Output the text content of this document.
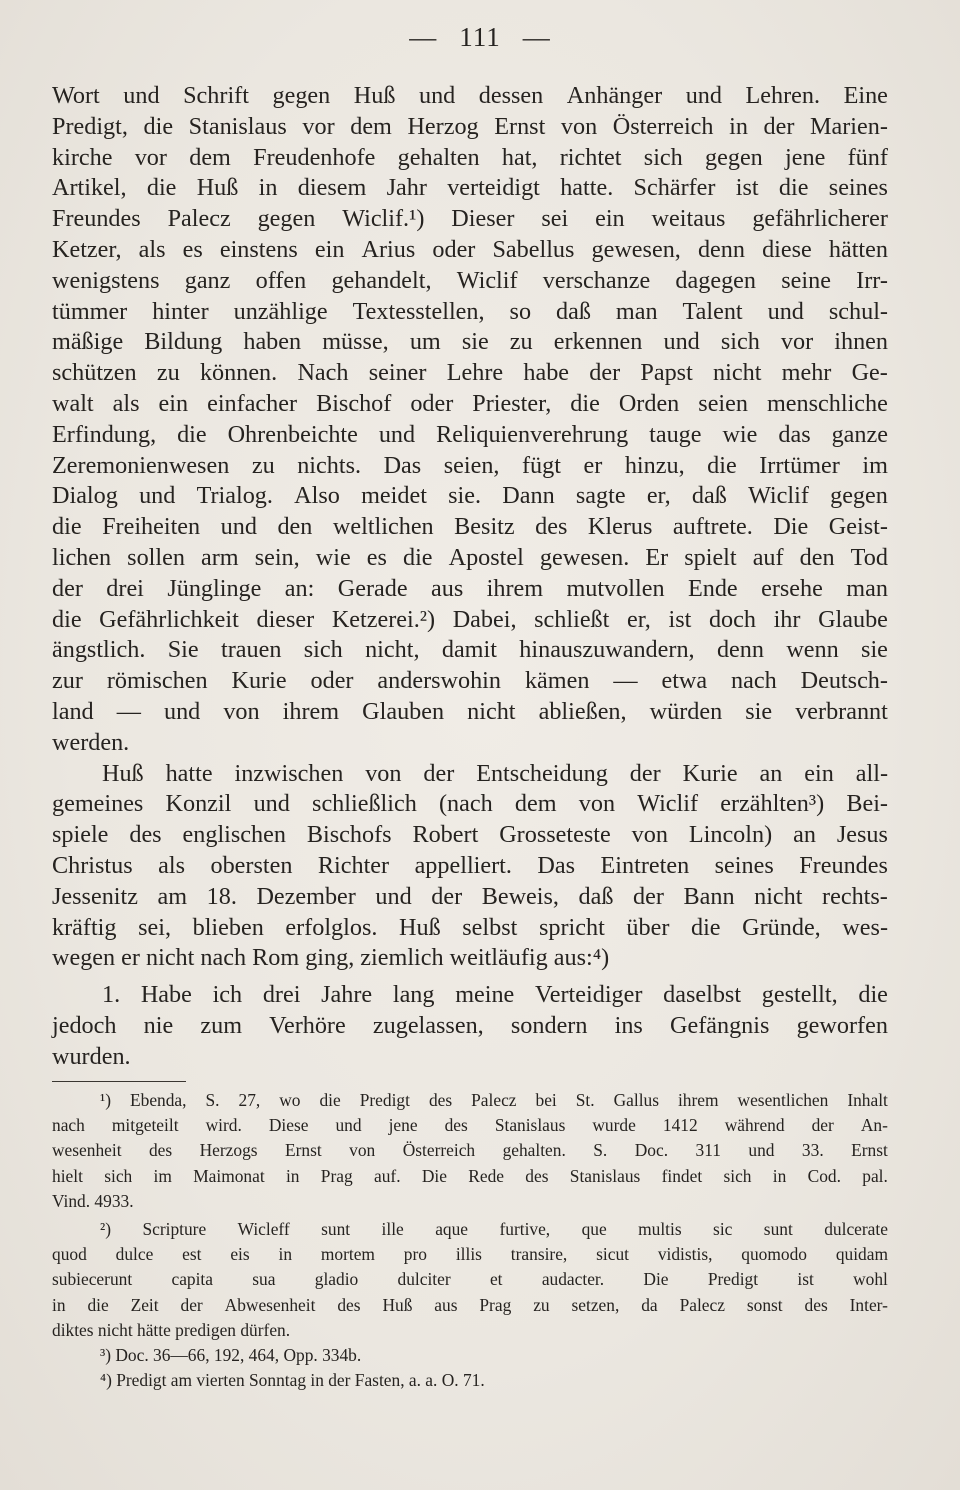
— 111 —
Wort und Schrift gegen Huß und dessen Anhänger und Lehren. Eine
Predigt, die Stanislaus vor dem Herzog Ernst von Österreich in der Marien-
kirche vor dem Freudenhofe gehalten hat, richtet sich gegen jene fünf
Artikel, die Huß in diesem Jahr verteidigt hatte. Schärfer ist die seines
Freundes Palecz gegen Wiclif.¹) Dieser sei ein weitaus gefährlicherer
Ketzer, als es einstens ein Arius oder Sabellus gewesen, denn diese hätten
wenigstens ganz offen gehandelt, Wiclif verschanze dagegen seine Irr-
tümmer hinter unzählige Textesstellen, so daß man Talent und schul-
mäßige Bildung haben müsse, um sie zu erkennen und sich vor ihnen
schützen zu können. Nach seiner Lehre habe der Papst nicht mehr Ge-
walt als ein einfacher Bischof oder Priester, die Orden seien menschliche
Erfindung, die Ohrenbeichte und Reliquienverehrung tauge wie das ganze
Zeremonienwesen zu nichts. Das seien, fügt er hinzu, die Irrtümer im
Dialog und Trialog. Also meidet sie. Dann sagte er, daß Wiclif gegen
die Freiheiten und den weltlichen Besitz des Klerus auftrete. Die Geist-
lichen sollen arm sein, wie es die Apostel gewesen. Er spielt auf den Tod
der drei Jünglinge an: Gerade aus ihrem mutvollen Ende ersehe man
die Gefährlichkeit dieser Ketzerei.²) Dabei, schließt er, ist doch ihr Glaube
ängstlich. Sie trauen sich nicht, damit hinauszuwandern, denn wenn sie
zur römischen Kurie oder anderswohin kämen — etwa nach Deutsch-
land — und von ihrem Glauben nicht abließen, würden sie verbrannt
werden.
Huß hatte inzwischen von der Entscheidung der Kurie an ein all-
gemeines Konzil und schließlich (nach dem von Wiclif erzählten³) Bei-
spiele des englischen Bischofs Robert Grosseteste von Lincoln) an Jesus
Christus als obersten Richter appelliert. Das Eintreten seines Freundes
Jessenitz am 18. Dezember und der Beweis, daß der Bann nicht rechts-
kräftig sei, blieben erfolglos. Huß selbst spricht über die Gründe, wes-
wegen er nicht nach Rom ging, ziemlich weitläufig aus:⁴)
1. Habe ich drei Jahre lang meine Verteidiger daselbst gestellt, die
jedoch nie zum Verhöre zugelassen, sondern ins Gefängnis geworfen
wurden.
¹) Ebenda, S. 27, wo die Predigt des Palecz bei St. Gallus ihrem wesentlichen Inhalt
nach mitgeteilt wird. Diese und jene des Stanislaus wurde 1412 während der An-
wesenheit des Herzogs Ernst von Österreich gehalten. S. Doc. 311 und 33. Ernst
hielt sich im Maimonat in Prag auf. Die Rede des Stanislaus findet sich in Cod. pal.
Vind. 4933.
²) Scripture Wicleff sunt ille aque furtive, que multis sic sunt dulcerate
quod dulce est eis in mortem pro illis transire, sicut vidistis, quomodo quidam
subiecerunt capita sua gladio dulciter et audacter. Die Predigt ist wohl
in die Zeit der Abwesenheit des Huß aus Prag zu setzen, da Palecz sonst des Inter-
diktes nicht hätte predigen dürfen.
³) Doc. 36—66, 192, 464, Opp. 334b.
⁴) Predigt am vierten Sonntag in der Fasten, a. a. O. 71.
